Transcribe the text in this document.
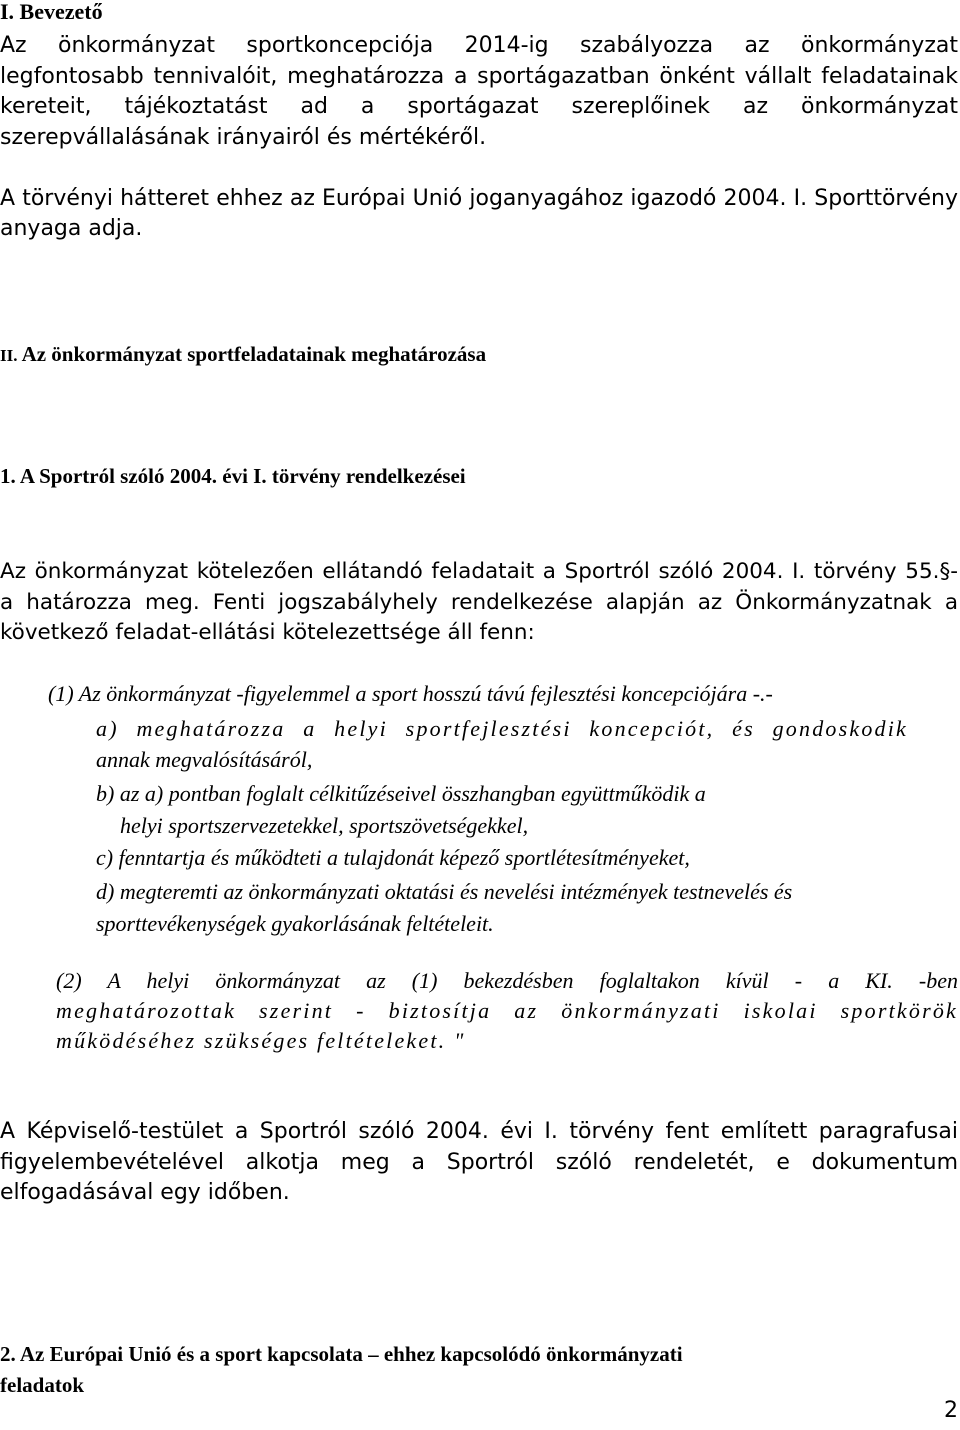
I. Bevezető
Az önkormányzat sportkoncepciója 2014-ig szabályozza az önkormányzat
legfontosabb tennivalóit, meghatározza a sportágazatban önként vállalt feladatainak
kereteit, tájékoztatást ad a sportágazat szereplőinek az önkormányzat
szerepvállalásának irányairól és mértékéről.
A törvényi hátteret ehhez az Európai Unió joganyagához igazodó 2004. I. Sporttörvény
anyaga adja.
II. Az önkormányzat sportfeladatainak meghatározása
1. A Sportról szóló 2004. évi I. törvény rendelkezései
Az önkormányzat kötelezően ellátandó feladatait a Sportról szóló 2004. I. törvény 55.§-
a határozza meg. Fenti jogszabályhely rendelkezése alapján az Önkormányzatnak a
következő feladat-ellátási kötelezettsége áll fenn:
(1) Az önkormányzat -figyelemmel a sport hosszú távú fejlesztési koncepciójára -.-
a) meghatározza a helyi sportfejlesztési koncepciót, és gondoskodik
annak megvalósításáról,
b) az a) pontban foglalt célkitűzéseivel összhangban együttműködik a
helyi sportszervezetekkel, sportszövetségekkel,
c) fenntartja és működteti a tulajdonát képező sportlétesítményeket,
d) megteremti az önkormányzati oktatási és nevelési intézmények testnevelés és
sporttevékenységek gyakorlásának feltételeit.
(2) A helyi önkormányzat az (1) bekezdésben foglaltakon kívül - a KI. -ben
meghatározottak szerint - biztosítja az önkormányzati iskolai sportkörök
működéséhez szükséges feltételeket. "
A Képviselő-testület a Sportról szóló 2004. évi I. törvény fent említett paragrafusai
figyelembevételével alkotja meg a Sportról szóló rendeletét, e dokumentum
elfogadásával egy időben.
2. Az Európai Unió és a sport kapcsolata – ehhez kapcsolódó önkormányzati
feladatok
2
